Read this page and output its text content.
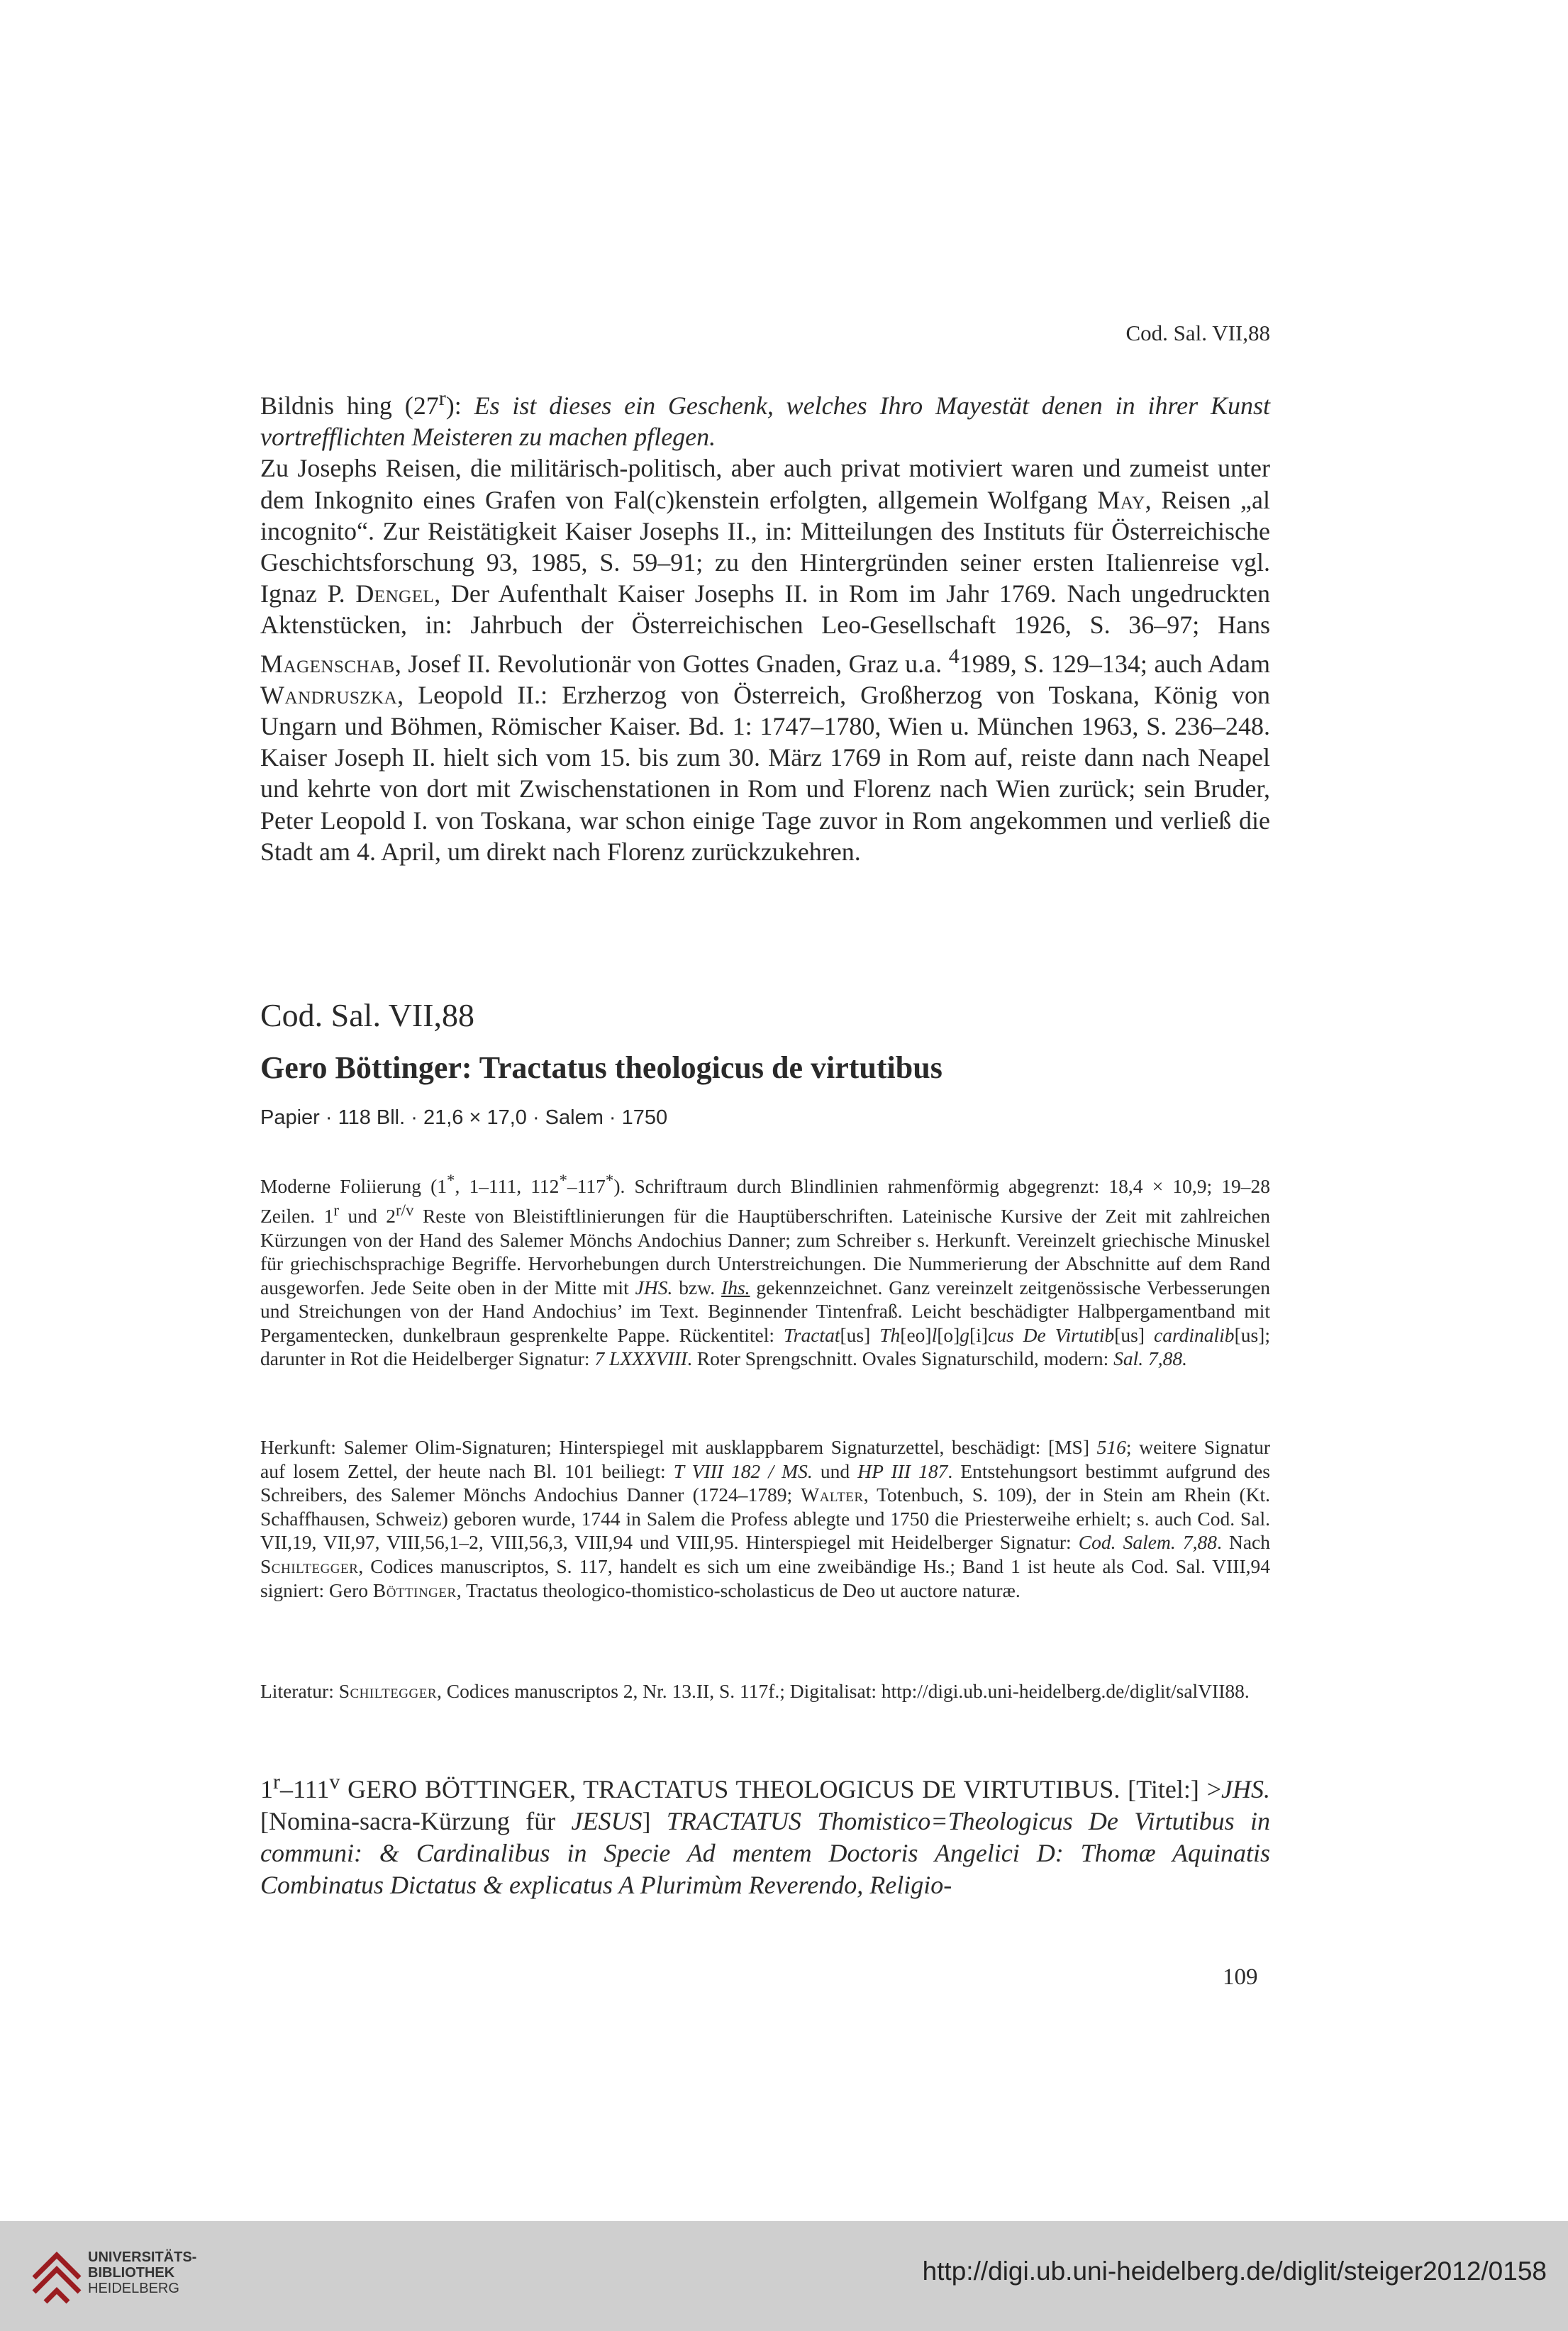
Cod. Sal. VII,88

Bildnis hing (27$^r$): Es ist dieses ein Geschenk, welches Ihro Mayestät denen in ihrer Kunst vortrefflichten Meisteren zu machen pflegen.

Zu Josephs Reisen, die militärisch-politisch, aber auch privat motiviert waren und zumeist unter dem Inkognito eines Grafen von Fal(c)kenstein erfolgten, allgemein Wolfgang May, Reisen „al incognito“. Zur Reistätigkeit Kaiser Josephs II., in: Mitteilungen des Instituts für Österreichische Geschichtsforschung 93, 1985, S. 59–91; zu den Hintergründen seiner ersten Italienreise vgl. Ignaz P. Dengel, Der Aufenthalt Kaiser Josephs II. in Rom im Jahr 1769. Nach ungedruckten Aktenstücken, in: Jahrbuch der Österreichischen Leo-Gesellschaft 1926, S. 36–97; Hans Magenschab, Josef II. Revolutionär von Gottes Gnaden, Graz u.a. $^4$1989, S. 129–134; auch Adam Wandruszka, Leopold II.: Erzherzog von Österreich, Großherzog von Toskana, König von Ungarn und Böhmen, Römischer Kaiser. Bd. 1: 1747–1780, Wien u. München 1963, S. 236–248. Kaiser Joseph II. hielt sich vom 15. bis zum 30. März 1769 in Rom auf, reiste dann nach Neapel und kehrte von dort mit Zwischenstationen in Rom und Florenz nach Wien zurück; sein Bruder, Peter Leopold I. von Toskana, war schon einige Tage zuvor in Rom angekommen und verließ die Stadt am 4. April, um direkt nach Florenz zurückzukehren.

Cod. Sal. VII,88
Gero Böttinger: Tractatus theologicus de virtutibus
Papier · 118 Bll. · 21,6 × 17,0 · Salem · 1750

Moderne Foliierung (1*, 1–111, 112*–117*). Schriftraum durch Blindlinien rahmenförmig abgegrenzt: 18,4 × 10,9; 19–28 Zeilen. 1$^r$ und $2^{r/v}$ Reste von Bleistiftlinierungen für die Hauptüberschriften. Lateinische Kursive der Zeit mit zahlreichen Kürzungen von der Hand des Salemer Mönchs Andochius Danner; zum Schreiber s. Herkunft. Vereinzelt griechische Minuskel für griechischsprachige Begriffe. Hervorhebungen durch Unterstreichungen. Die Nummerierung der Abschnitte auf dem Rand ausgeworfen. Jede Seite oben in der Mitte mit JHS. bzw. Ihs. gekennzeichnet. Ganz vereinzelt zeitgenössische Verbesserungen und Streichungen von der Hand Andochius’ im Text. Beginnender Tintenfraß. Leicht beschädigter Halbpergamentband mit Pergamentecken, dunkelbraun gesprenkelte Pappe. Rückentitel: Tractat[us] Th[eo]l[o]g[i]cus De Virtutib[us] cardinalib[us]; darunter in Rot die Heidelberger Signatur: 7 LXXXVIII. Roter Sprengschnitt. Ovales Signaturschild, modern: Sal. 7,88.

Herkunft: Salemer Olim-Signaturen; Hinterspiegel mit ausklappbarem Signaturzettel, beschädigt: [MS] 516; weitere Signatur auf losem Zettel, der heute nach Bl. 101 beiliegt: T VIII 182 / MS. und HP III 187. Entstehungsort bestimmt aufgrund des Schreibers, des Salemer Mönchs Andochius Danner (1724–1789; Walter, Totenbuch, S. 109), der in Stein am Rhein (Kt. Schaffhausen, Schweiz) geboren wurde, 1744 in Salem die Profess ablegte und 1750 die Priesterweihe erhielt; s. auch Cod. Sal. VII,19, VII,97, VIII,56,1–2, VIII,56,3, VIII,94 und VIII,95. Hinterspiegel mit Heidelberger Signatur: Cod. Salem. 7,88. Nach Schiltegger, Codices manuscriptos, S. 117, handelt es sich um eine zweibändige Hs.; Band 1 ist heute als Cod. Sal. VIII,94 signiert: Gero Böttinger, Tractatus theologico-thomistico-scholasticus de Deo ut auctore naturæ.

Literatur: Schiltegger, Codices manuscriptos 2, Nr. 13.II, S. 117f.; Digitalisat: http://digi.ub.uni-heidelberg.de/diglit/salVII88.

1$^r$–111$^v$ GERO BÖTTINGER, TRACTATUS THEOLOGICUS DE VIRTUTIBUS. [Titel:] >JHS. [Nomina-sacra-Kürzung für JESUS] TRACTATUS Thomistico=Theologicus De Virtutibus in communi: & Cardinalibus in Specie Ad mentem Doctoris Angelici D: Thomæ Aquinatis Combinatus Dictatus & explicatus A Plurimùm Reverendo, Religio-

109
UNIVERSITÄTS-
BIBLIOTHEK
HEIDELBERG
http://digi.ub.uni-heidelberg.de/diglit/steiger2012/0158
